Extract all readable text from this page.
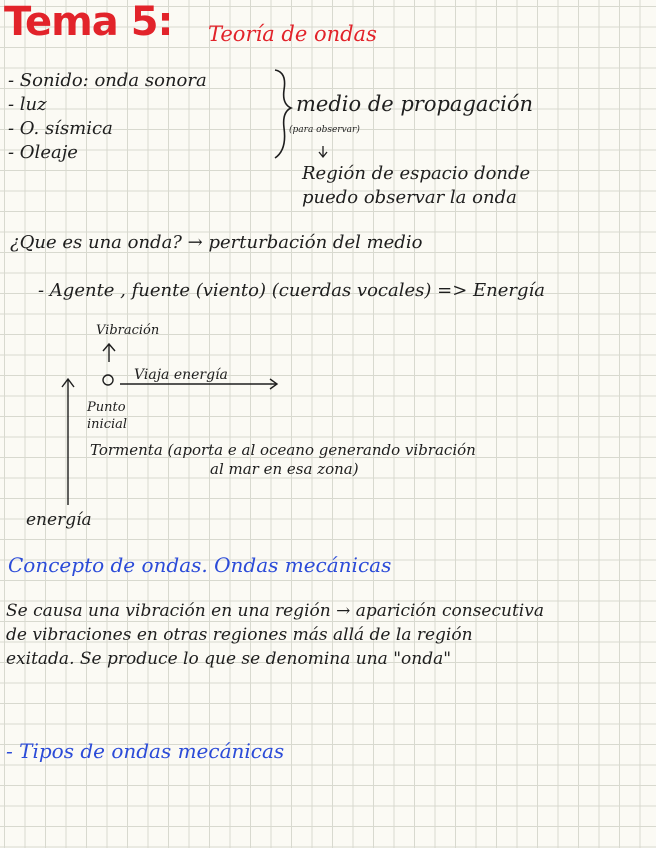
Tema 5: Teoría de ondas
- Sonido: onda sonora
- luz
- O. sísmica
- Oleaje
medio de propagación
(para observar)
Región de espacio donde
puedo observar la onda
¿Que es una onda? → perturbación del medio
- Agente , fuente (viento) (cuerdas vocales) => Energía
Vibración
Viaja energía
Punto
inicial
Tormenta (aporta e al oceano generando vibración
al mar en esa zona)
energía
Concepto de ondas. Ondas mecánicas
Se causa una vibración en una región → aparición consecutiva
de vibraciones en otras regiones más allá de la región
exitada. Se produce lo que se denomina una "onda"
- Tipos de ondas mecánicas
